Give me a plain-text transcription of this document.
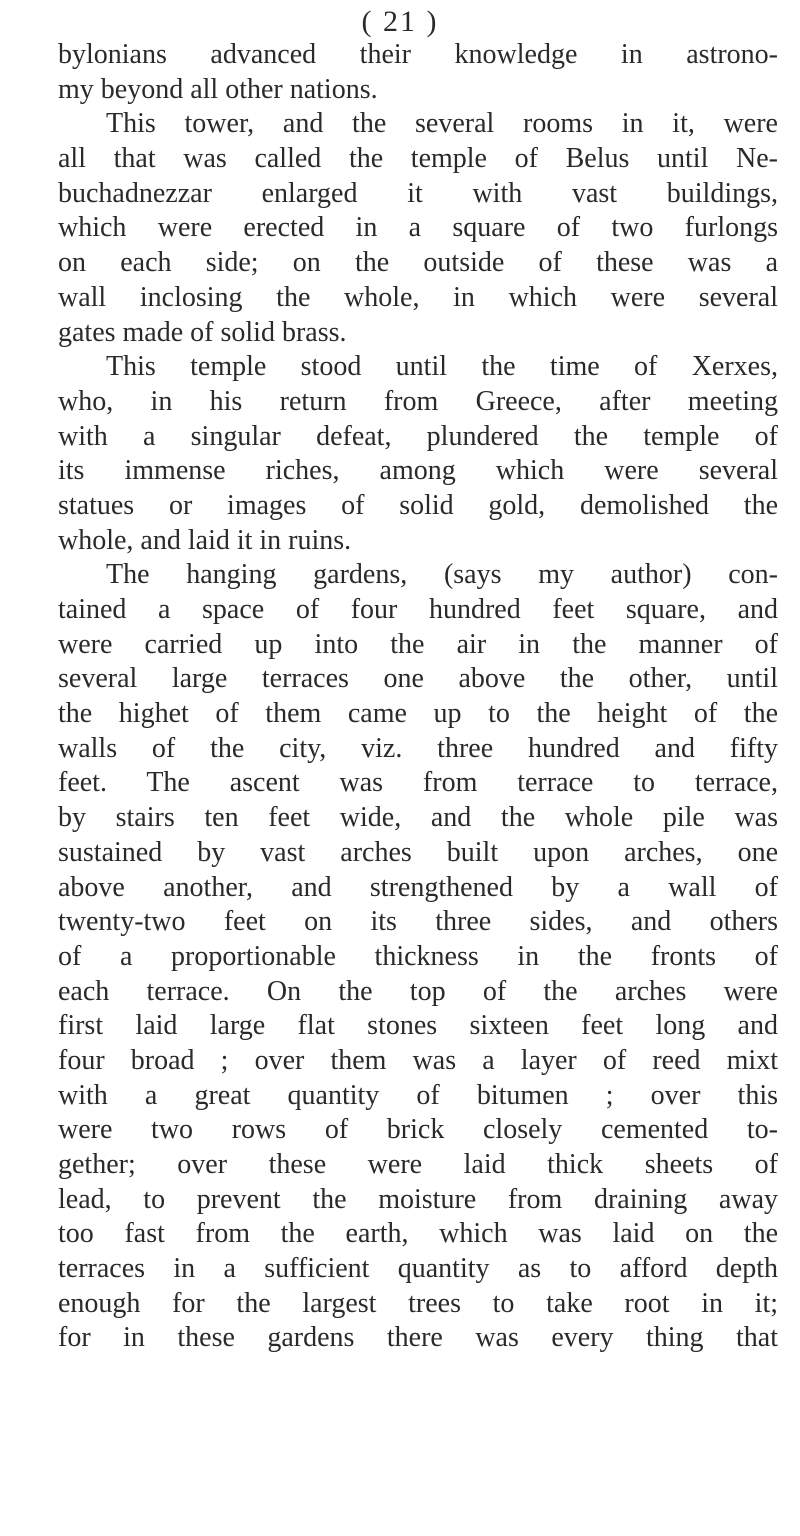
( 21 )
bylonians advanced their knowledge in astrono-
my beyond all other nations.
This tower, and the several rooms in it, were
all that was called the temple of Belus until Ne-
buchadnezzar enlarged it with vast buildings,
which were erected in a square of two furlongs
on each side; on the outside of these was a
wall inclosing the whole, in which were several
gates made of solid brass.
This temple stood until the time of Xerxes,
who, in his return from Greece, after meeting
with a singular defeat, plundered the temple of
its immense riches, among which were several
statues or images of solid gold, demolished the
whole, and laid it in ruins.
The hanging gardens, (says my author) con-
tained a space of four hundred feet square, and
were carried up into the air in the manner of
several large terraces one above the other, until
the highet of them came up to the height of the
walls of the city, viz. three hundred and fifty
feet. The ascent was from terrace to terrace,
by stairs ten feet wide, and the whole pile was
sustained by vast arches built upon arches, one
above another, and strengthened by a wall of
twenty-two feet on its three sides, and others
of a proportionable thickness in the fronts of
each terrace. On the top of the arches were
first laid large flat stones sixteen feet long and
four broad ; over them was a layer of reed mixt
with a great quantity of bitumen ; over this
were two rows of brick closely cemented to-
gether; over these were laid thick sheets of
lead, to prevent the moisture from draining away
too fast from the earth, which was laid on the
terraces in a sufficient quantity as to afford depth
enough for the largest trees to take root in it;
for in these gardens there was every thing that
